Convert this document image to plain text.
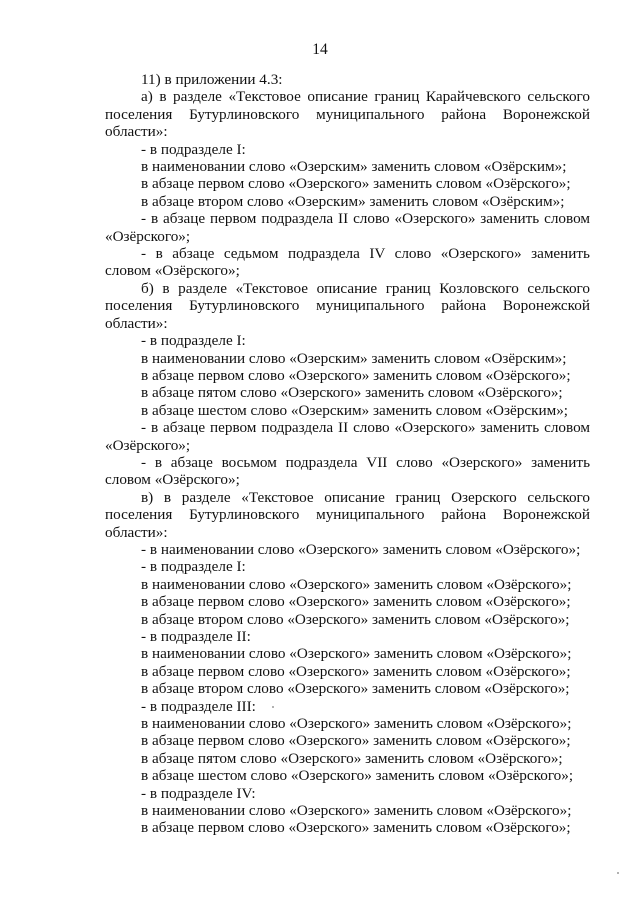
14
11) в приложении 4.3:
а) в разделе «Текстовое описание границ Карайчевского сельского
поселения Бутурлиновского муниципального района Воронежской
области»:
- в подразделе I:
в наименовании слово «Озерским» заменить словом «Озёрским»;
в абзаце первом слово «Озерского» заменить словом «Озёрского»;
в абзаце втором слово «Озерским» заменить словом «Озёрским»;
- в абзаце первом подраздела II слово «Озерского» заменить словом
«Озёрского»;
- в абзаце седьмом подраздела IV слово «Озерского» заменить
словом «Озёрского»;
б) в разделе «Текстовое описание границ Козловского сельского
поселения Бутурлиновского муниципального района Воронежской
области»:
- в подразделе I:
в наименовании слово «Озерским» заменить словом «Озёрским»;
в абзаце первом слово «Озерского» заменить словом «Озёрского»;
в абзаце пятом слово «Озерского» заменить словом «Озёрского»;
в абзаце шестом слово «Озерским» заменить словом «Озёрским»;
- в абзаце первом подраздела II слово «Озерского» заменить словом
«Озёрского»;
- в абзаце восьмом подраздела VII слово «Озерского» заменить
словом «Озёрского»;
в) в разделе «Текстовое описание границ Озерского сельского
поселения Бутурлиновского муниципального района Воронежской
области»:
- в наименовании слово «Озерского» заменить словом «Озёрского»;
- в подразделе I:
в наименовании слово «Озерского» заменить словом «Озёрского»;
в абзаце первом слово «Озерского» заменить словом «Озёрского»;
в абзаце втором слово «Озерского» заменить словом «Озёрского»;
- в подразделе II:
в наименовании слово «Озерского» заменить словом «Озёрского»;
в абзаце первом слово «Озерского» заменить словом «Озёрского»;
в абзаце втором слово «Озерского» заменить словом «Озёрского»;
- в подразделе III:
в наименовании слово «Озерского» заменить словом «Озёрского»;
в абзаце первом слово «Озерского» заменить словом «Озёрского»;
в абзаце пятом слово «Озерского» заменить словом «Озёрского»;
в абзаце шестом слово «Озерского» заменить словом «Озёрского»;
- в подразделе IV:
в наименовании слово «Озерского» заменить словом «Озёрского»;
в абзаце первом слово «Озерского» заменить словом «Озёрского»;
